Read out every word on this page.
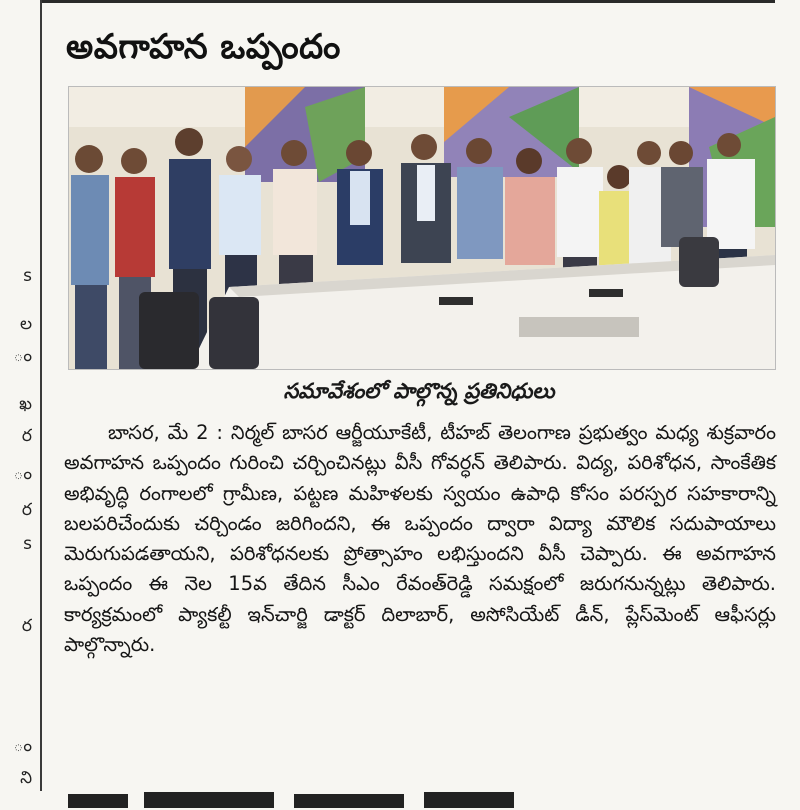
s
ల
ం
ఖ
ర
ం
ర
s
ర
ం
ని
అవగాహన ఒప్పందం
సమావేశంలో పాల్గొన్న ప్రతినిధులు

బాసర, మే 2 : నిర్మల్ బాసర ఆర్జీయూకేటీ, టీహబ్ తెలంగాణ ప్రభుత్వం మధ్య శుక్రవారం అవగాహన ఒప్పందం గురించి చర్చించినట్లు వీసీ గోవర్ధన్ తెలిపారు. విద్య, పరిశోధన, సాంకేతిక అభివృద్ధి రంగాలలో గ్రామీణ, పట్టణ మహిళలకు స్వయం ఉపాధి కోసం పరస్పర సహకారాన్ని బలపరిచేందుకు చర్చిండం జరిగిందని, ఈ ఒప్పందం ద్వారా విద్యా మౌలిక సదుపాయాలు మెరుగుపడతాయని, పరిశోధనలకు ప్రోత్సాహం లభిస్తుందని వీసీ చెప్పారు. ఈ అవగాహన ఒప్పందం ఈ నెల 15వ తేదిన సీఎం రేవంత్‌రెడ్డి సమక్షంలో జరుగనున్నట్లు తెలిపారు. కార్యక్రమంలో ప్యాకల్టీ ఇన్‌చార్జి డాక్టర్ దిలాబార్, అసోసియేట్ డీన్, ప్లేస్‌మెంట్ ఆఫీసర్లు పాల్గొన్నారు.
